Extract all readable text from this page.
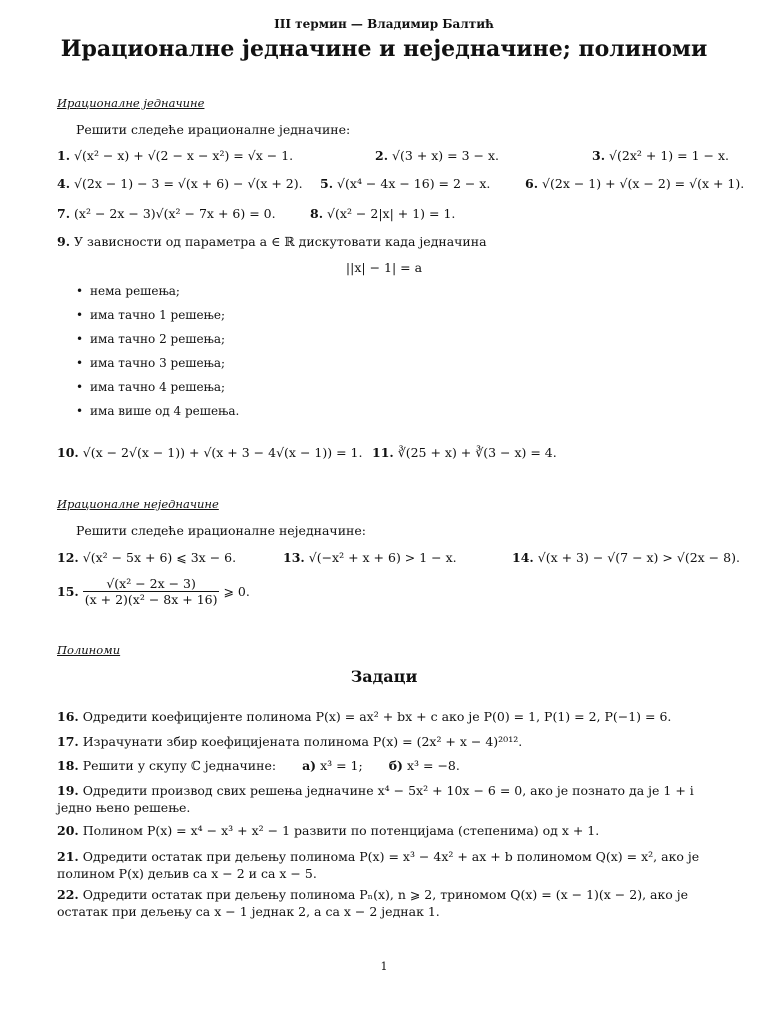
III термин — Владимир Балтић
Ирационалне једначине и неједначине; полиноми
Ирационалне једначине
Решити следеће ирационалне једначине:
1. √(x² − x) + √(2 − x − x²) = √x − 1.	2. √(3 + x) = 3 − x.	3. √(2x² + 1) = 1 − x.
4. √(2x − 1) − 3 = √(x + 6) − √(x + 2). 5. √(x⁴ − 4x − 16) = 2 − x.	6. √(2x − 1) + √(x − 2) = √(x + 1).
7. (x² − 2x − 3)√(x² − 7x + 6) = 0.	8. √(x² − 2|x| + 1) = 1.
9. У зависности од параметра a ∈ ℝ дискутовати када једначина
||x| − 1| = a
• нема решења;
• има тачно 1 решење;
• има тачно 2 решења;
• има тачно 3 решења;
• има тачно 4 решења;
• има више од 4 решења.
10. √(x − 2√(x − 1)) + √(x + 3 − 4√(x − 1)) = 1. 11. ∛(25 + x) + ∛(3 − x) = 4.
Ирационалне неједначине
Решити следеће ирационалне неједначине:
12. √(x² − 5x + 6) ⩽ 3x − 6.	13. √(−x² + x + 6) > 1 − x.	14. √(x + 3) − √(7 − x) > √(2x − 8).
15. $\frac{\text{√(x² − 2x − 3)}}{\text{(x + 2)(x² − 8x + 16)}}$ ⩾ 0.
Полиноми
Задаци
16. Одредити коефицијенте полинома P(x) = ax² + bx + c ако је P(0) = 1, P(1) = 2, P(−1) = 6.
17. Израчунати збир коефицијената полинома P(x) = (2x² + x − 4)²⁰¹².
18. Решити у скупу ℂ једначине: а) x³ = 1; б) x³ = −8.
19. Одредити производ свих решења једначине x⁴ − 5x² + 10x − 6 = 0, ако је познато да је 1 + i једно њено решење.
20. Полином P(x) = x⁴ − x³ + x² − 1 развити по потенцијама (степенима) од x + 1.
21. Одредити остатак при дељењу полинома P(x) = x³ − 4x² + ax + b полиномом Q(x) = x², ако је полином P(x) дељив са x − 2 и са x − 5.
22. Одредити остатак при дељењу полинома Pₙ(x), n ⩾ 2, триномом Q(x) = (x − 1)(x − 2), ако је остатак при дељењу са x − 1 једнак 2, а са x − 2 једнак 1.
1
